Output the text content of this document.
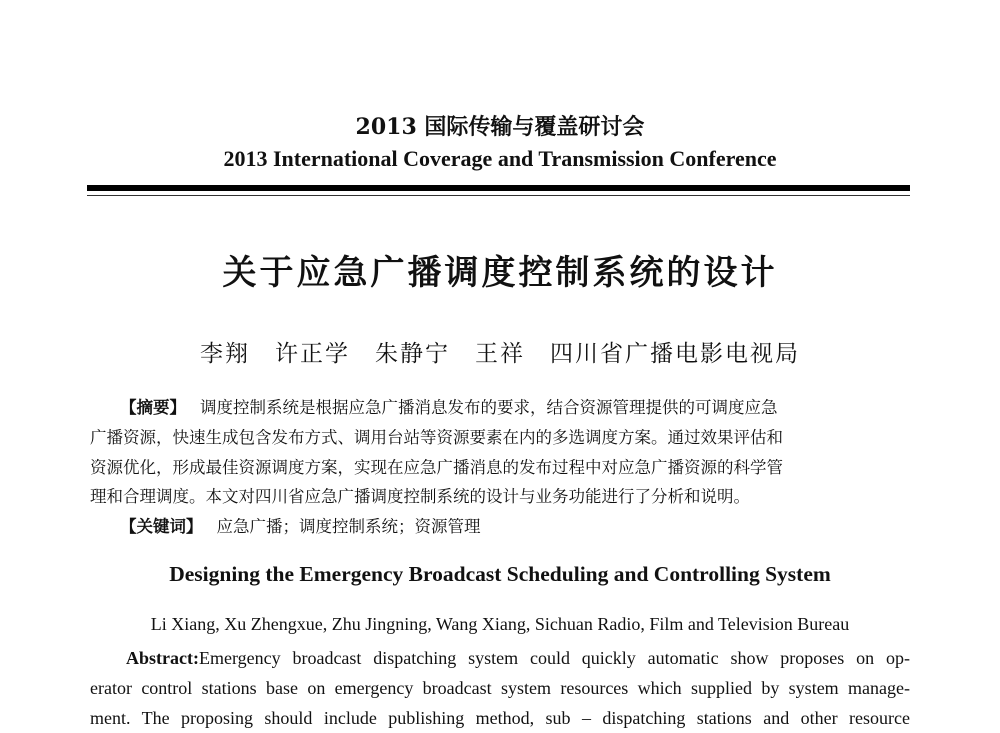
2013 国际传输与覆盖研讨会
2013 International Coverage and Transmission Conference
关于应急广播调度控制系统的设计
李翔　许正学　朱静宁　王祥　四川省广播电影电视局

【摘要】 调度控制系统是根据应急广播消息发布的要求，结合资源管理提供的可调度应急

广播资源，快速生成包含发布方式、调用台站等资源要素在内的多选调度方案。通过效果评估和

资源优化，形成最佳资源调度方案，实现在应急广播消息的发布过程中对应急广播资源的科学管

理和合理调度。本文对四川省应急广播调度控制系统的设计与业务功能进行了分析和说明。

【关键词】 应急广播；调度控制系统；资源管理

Designing the Emergency Broadcast Scheduling and Controlling System
Li Xiang, Xu Zhengxue, Zhu Jingning, Wang Xiang, Sichuan Radio, Film and Television Bureau

Abstract:Emergency broadcast dispatching system could quickly automatic show proposes on op-

erator control stations base on emergency broadcast system resources which supplied by system manage-

ment. The proposing should include publishing method, sub – dispatching stations and other resource
